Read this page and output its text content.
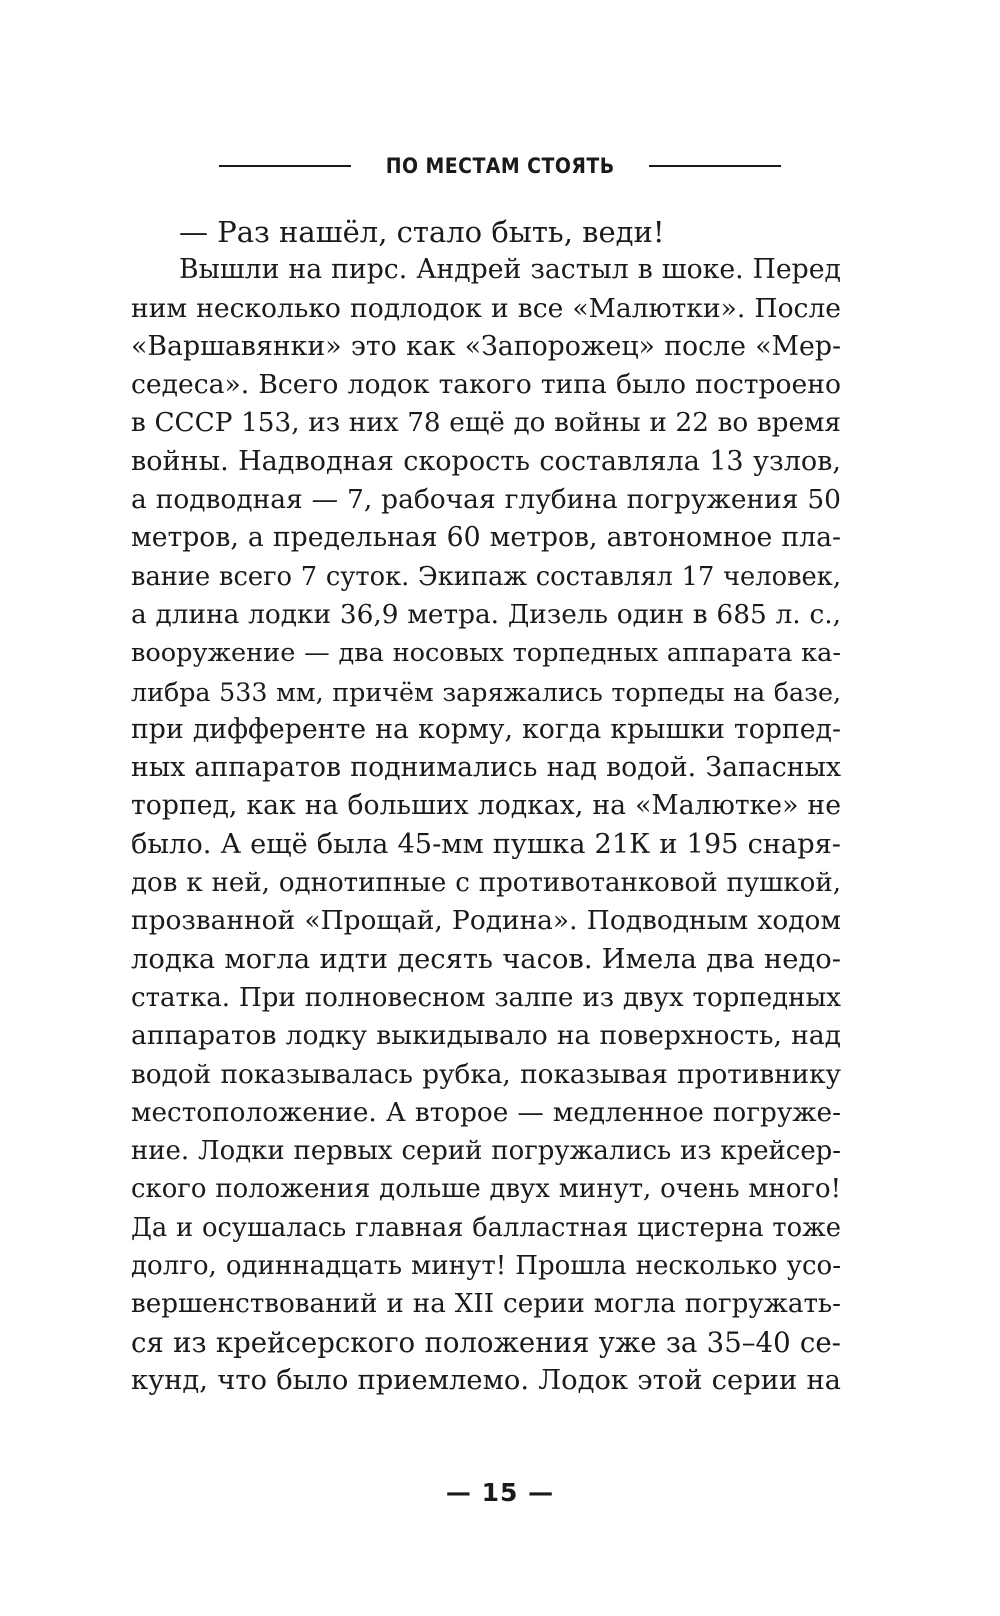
ПО МЕСТАМ СТОЯТЬ
— Раз нашёл, стало быть, веди!
Вышли на пирс. Андрей застыл в шоке. Перед
ним несколько подлодок и все «Малютки». После
«Варшавянки» это как «Запорожец» после «Мер-
седеса». Всего лодок такого типа было построено
в СССР 153, из них 78 ещё до войны и 22 во время
войны. Надводная скорость составляла 13 узлов,
а подводная — 7, рабочая глубина погружения 50
метров, а предельная 60 метров, автономное пла-
вание всего 7 суток. Экипаж составлял 17 человек,
а длина лодки 36,9 метра. Дизель один в 685 л. с.,
вооружение — два носовых торпедных аппарата ка-
либра 533 мм, причём заряжались торпеды на базе,
при дифференте на корму, когда крышки торпед-
ных аппаратов поднимались над водой. Запасных
торпед, как на больших лодках, на «Малютке» не
было. А ещё была 45-мм пушка 21К и 195 снаря-
дов к ней, однотипные с противотанковой пушкой,
прозванной «Прощай, Родина». Подводным ходом
лодка могла идти десять часов. Имела два недо-
статка. При полновесном залпе из двух торпедных
аппаратов лодку выкидывало на поверхность, над
водой показывалась рубка, показывая противнику
местоположение. А второе — медленное погруже-
ние. Лодки первых серий погружались из крейсер-
ского положения дольше двух минут, очень много!
Да и осушалась главная балластная цистерна тоже
долго, одиннадцать минут! Прошла несколько усо-
вершенствований и на XII серии могла погружать-
ся из крейсерского положения уже за 35–40 се-
кунд, что было приемлемо. Лодок этой серии на
— 15 —
